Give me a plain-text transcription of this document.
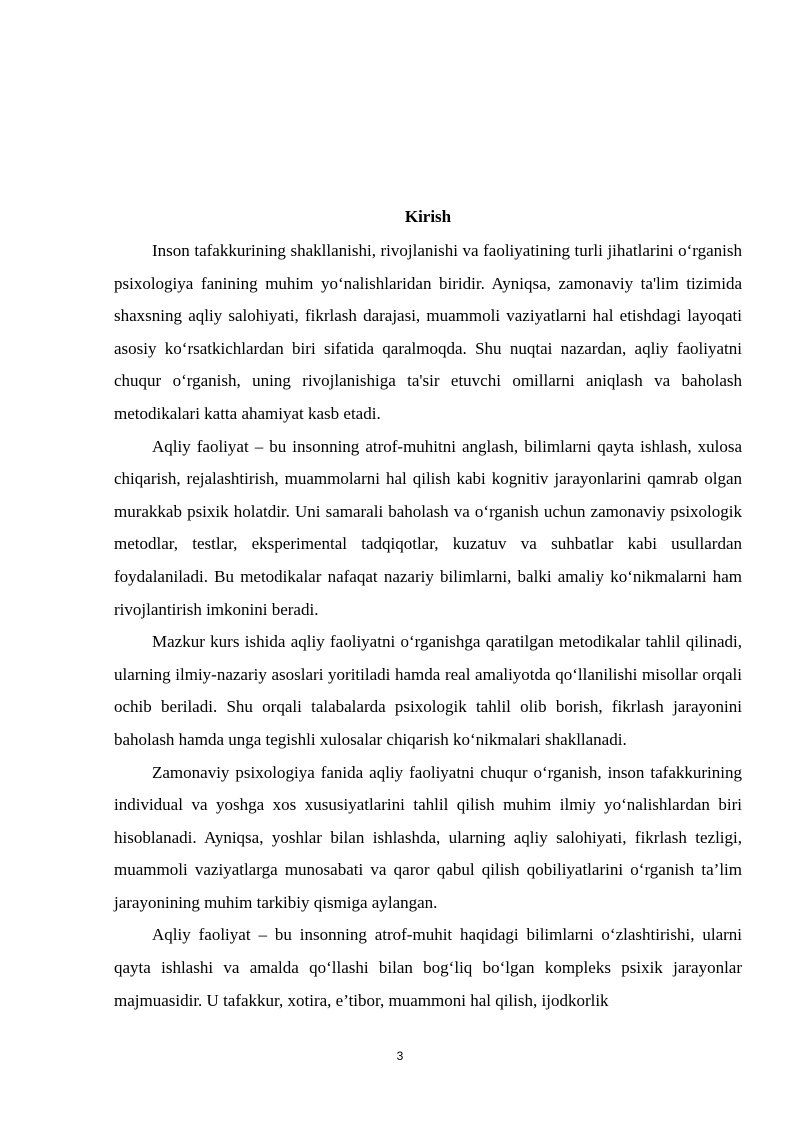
Kirish

Inson tafakkurining shakllanishi, rivojlanishi va faoliyatining turli jihatlarini o‘rganish psixologiya fanining muhim yo‘nalishlaridan biridir. Ayniqsa, zamonaviy ta'lim tizimida shaxsning aqliy salohiyati, fikrlash darajasi, muammoli vaziyatlarni hal etishdagi layoqati asosiy ko‘rsatkichlardan biri sifatida qaralmoqda. Shu nuqtai nazardan, aqliy faoliyatni chuqur o‘rganish, uning rivojlanishiga ta'sir etuvchi omillarni aniqlash va baholash metodikalari katta ahamiyat kasb etadi.

Aqliy faoliyat – bu insonning atrof-muhitni anglash, bilimlarni qayta ishlash, xulosa chiqarish, rejalashtirish, muammolarni hal qilish kabi kognitiv jarayonlarini qamrab olgan murakkab psixik holatdir. Uni samarali baholash va o‘rganish uchun zamonaviy psixologik metodlar, testlar, eksperimental tadqiqotlar, kuzatuv va suhbatlar kabi usullardan foydalaniladi. Bu metodikalar nafaqat nazariy bilimlarni, balki amaliy ko‘nikmalarni ham rivojlantirish imkonini beradi.

Mazkur kurs ishida aqliy faoliyatni o‘rganishga qaratilgan metodikalar tahlil qilinadi, ularning ilmiy-nazariy asoslari yoritiladi hamda real amaliyotda qo‘llanilishi misollar orqali ochib beriladi. Shu orqali talabalarda psixologik tahlil olib borish, fikrlash jarayonini baholash hamda unga tegishli xulosalar chiqarish ko‘nikmalari shakllanadi.

Zamonaviy psixologiya fanida aqliy faoliyatni chuqur o‘rganish, inson tafakkurining individual va yoshga xos xususiyatlarini tahlil qilish muhim ilmiy yo‘nalishlardan biri hisoblanadi. Ayniqsa, yoshlar bilan ishlashda, ularning aqliy salohiyati, fikrlash tezligi, muammoli vaziyatlarga munosabati va qaror qabul qilish qobiliyatlarini o‘rganish ta’lim jarayonining muhim tarkibiy qismiga aylangan.

Aqliy faoliyat – bu insonning atrof-muhit haqidagi bilimlarni o‘zlashtirishi, ularni qayta ishlashi va amalda qo‘llashi bilan bog‘liq bo‘lgan kompleks psixik jarayonlar majmuasidir. U tafakkur, xotira, e’tibor, muammoni hal qilish, ijodkorlik

3
